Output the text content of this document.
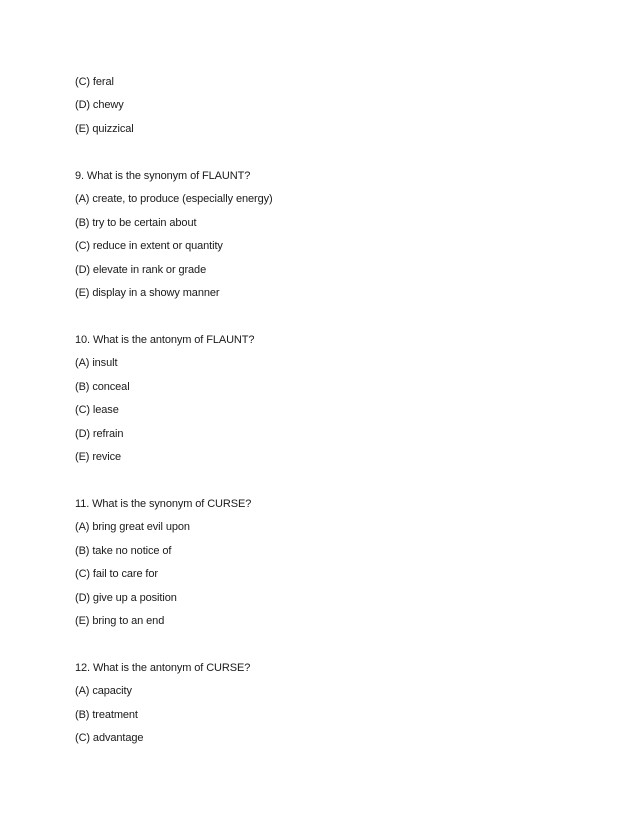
(C) feral
(D) chewy
(E) quizzical
9. What is the synonym of FLAUNT?
(A) create, to produce (especially energy)
(B) try to be certain about
(C) reduce in extent or quantity
(D) elevate in rank or grade
(E) display in a showy manner
10. What is the antonym of FLAUNT?
(A) insult
(B) conceal
(C) lease
(D) refrain
(E) revice
11. What is the synonym of CURSE?
(A) bring great evil upon
(B) take no notice of
(C) fail to care for
(D) give up a position
(E) bring to an end
12. What is the antonym of CURSE?
(A) capacity
(B) treatment
(C) advantage
